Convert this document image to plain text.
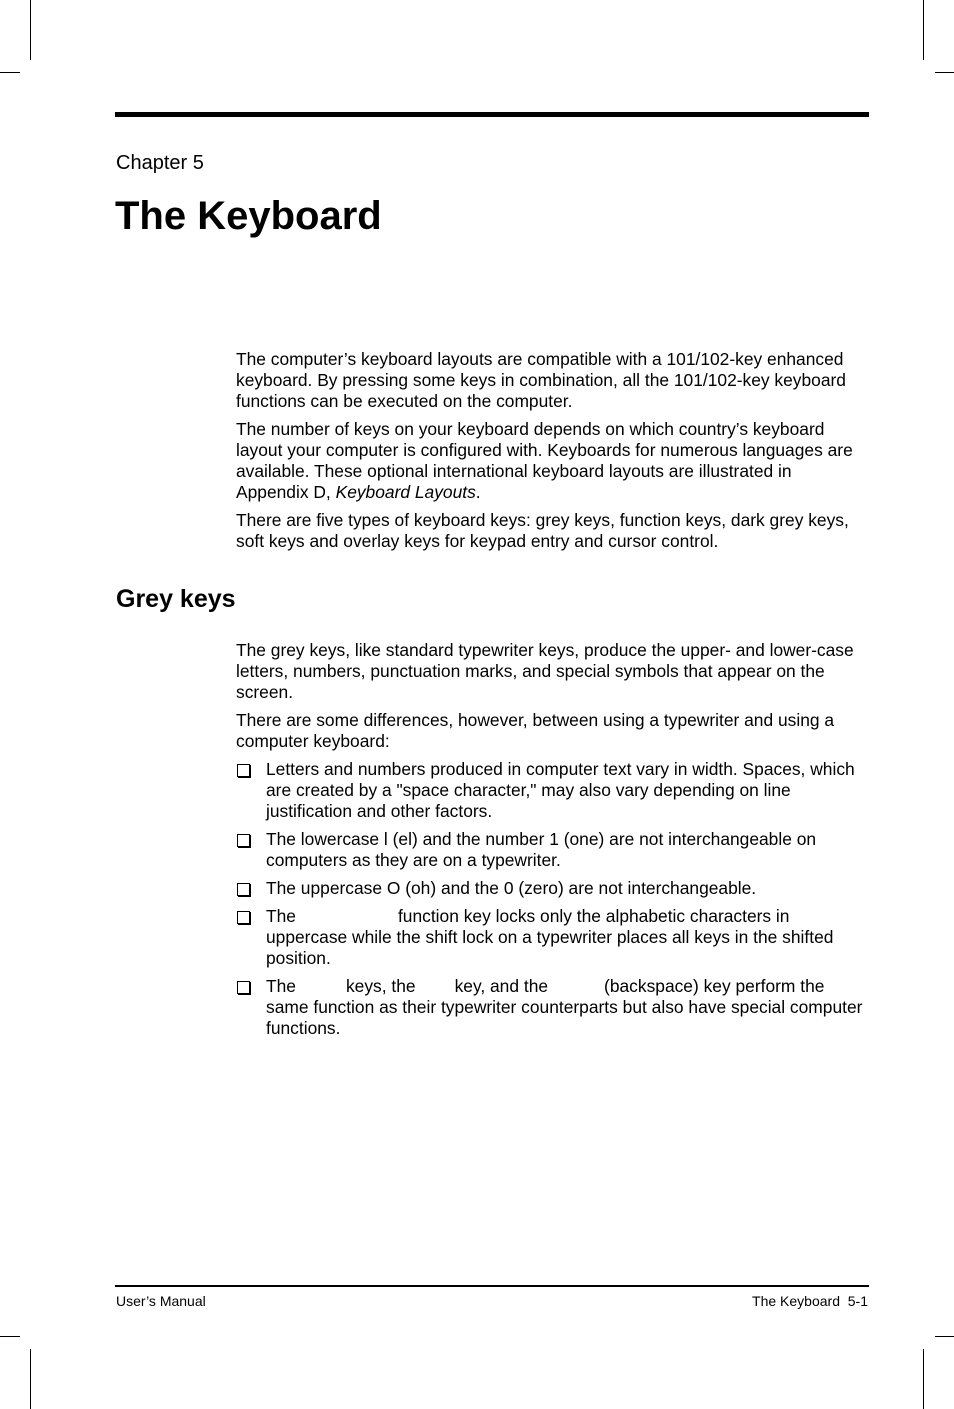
Chapter 5
The Keyboard

The computer’s keyboard layouts are compatible with a 101/102-key enhanced keyboard. By pressing some keys in combination, all the 101/102-key keyboard functions can be executed on the computer.

The number of keys on your keyboard depends on which country’s keyboard layout your computer is configured with. Keyboards for numerous languages are available. These optional international keyboard layouts are illustrated in Appendix D, Keyboard Layouts.

There are five types of keyboard keys: grey keys, function keys, dark grey keys, soft keys and overlay keys for keypad entry and cursor control.

Grey keys

The grey keys, like standard typewriter keys, produce the upper- and lower-case letters, numbers, punctuation marks, and special symbols that appear on the screen.

There are some differences, however, between using a typewriter and using a computer keyboard:

Letters and numbers produced in computer text vary in width. Spaces, which are created by a "space character," may also vary depending on line justification and other factors.
The lowercase l (el) and the number 1 (one) are not interchangeable on computers as they are on a typewriter.
The uppercase O (oh) and the 0 (zero) are not interchangeable.
The	function key locks only the alphabetic characters in uppercase while the shift lock on a typewriter places all keys in the shifted position.
The	keys, the key, and the	(backspace) key perform the same function as their typewriter counterparts but also have special computer functions.
User’s Manual	The Keyboard  5-1
